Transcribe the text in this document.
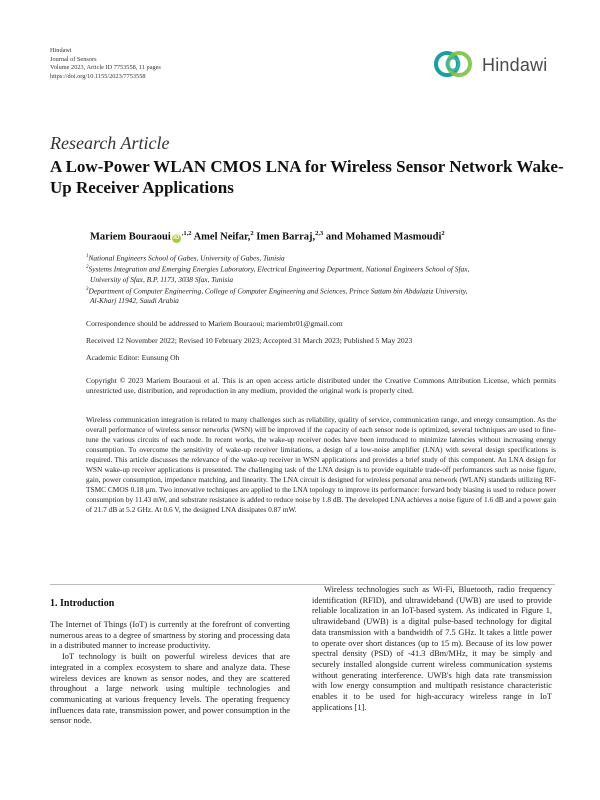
Hindawi
Journal of Sensors
Volume 2023, Article ID 7753558, 11 pages
https://doi.org/10.1155/2023/7753558
Hindawi
Research Article
A Low-Power WLAN CMOS LNA for Wireless Sensor Network Wake-Up Receiver Applications
Mariem Bouraoui $iD^{,1,2}$ Amel Neifar,$^2$ Imen Barraj,$^{2,3}$ and Mohamed Masmoudi$^2$

$^1$National Engineers School of Gabes, University of Gabes, Tunisia

$^2$Systems Integration and Emerging Energies Laboratory, Electrical Engineering Department, National Engineers School of Sfax,

University of Sfax, B.P. 1173, 3038 Sfax, Tunisia

$^3$Department of Computer Engineering, College of Computer Engineering and Sciences, Prince Sattam bin Abdulaziz University,

Al-Kharj 11942, Saudi Arabia

Correspondence should be addressed to Mariem Bouraoui; mariembr01@gmail.com
Received 12 November 2022; Revised 10 February 2023; Accepted 31 March 2023; Published 5 May 2023
Academic Editor: Eunsung Oh
Copyright © 2023 Mariem Bouraoui et al. This is an open access article distributed under the Creative Commons Attribution License, which permits unrestricted use, distribution, and reproduction in any medium, provided the original work is properly cited.
Wireless communication integration is related to many challenges such as reliability, quality of service, communication range, and energy consumption. As the overall performance of wireless sensor networks (WSN) will be improved if the capacity of each sensor node is optimized, several techniques are used to fine-tune the various circuits of each node. In recent works, the wake-up receiver nodes have been introduced to minimize latencies without increasing energy consumption. To overcome the sensitivity of wake-up receiver limitations, a design of a low-noise amplifier (LNA) with several design specifications is required. This article discusses the relevance of the wake-up receiver in WSN applications and provides a brief study of this component. An LNA design for WSN wake-up receiver applications is presented. The challenging task of the LNA design is to provide equitable trade-off performances such as noise figure, gain, power consumption, impedance matching, and linearity. The LNA circuit is designed for wireless personal area network (WLAN) standards utilizing RF-TSMC CMOS 0.18 µm. Two innovative techniques are applied to the LNA topology to improve its performance: forward body biasing is used to reduce power consumption by 11.43 mW, and substrate resistance is added to reduce noise by 1.8 dB. The developed LNA achieves a noise figure of 1.6 dB and a power gain of 21.7 dB at 5.2 GHz. At 0.6 V, the designed LNA dissipates 0.87 mW.
1. Introduction

The Internet of Things (IoT) is currently at the forefront of converting numerous areas to a degree of smartness by storing and processing data in a distributed manner to increase productivity.

IoT technology is built on powerful wireless devices that are integrated in a complex ecosystem to share and analyze data. These wireless devices are known as sensor nodes, and they are scattered throughout a large network using multiple technologies and communicating at various frequency levels. The operating frequency influences data rate, transmission power, and power consumption in the sensor node.

Wireless technologies such as Wi-Fi, Bluetooth, radio frequency identification (RFID), and ultrawideband (UWB) are used to provide reliable localization in an IoT-based system. As indicated in Figure 1, ultrawideband (UWB) is a digital pulse-based technology for digital data transmission with a bandwidth of 7.5 GHz. It takes a little power to operate over short distances (up to 15 m). Because of its low power spectral density (PSD) of -41.3 dBm/MHz, it may be simply and securely installed alongside current wireless communication systems without generating interference. UWB's high data rate transmission with low energy consumption and multipath resistance characteristic enables it to be used for high-accuracy wireless range in IoT applications [1].
